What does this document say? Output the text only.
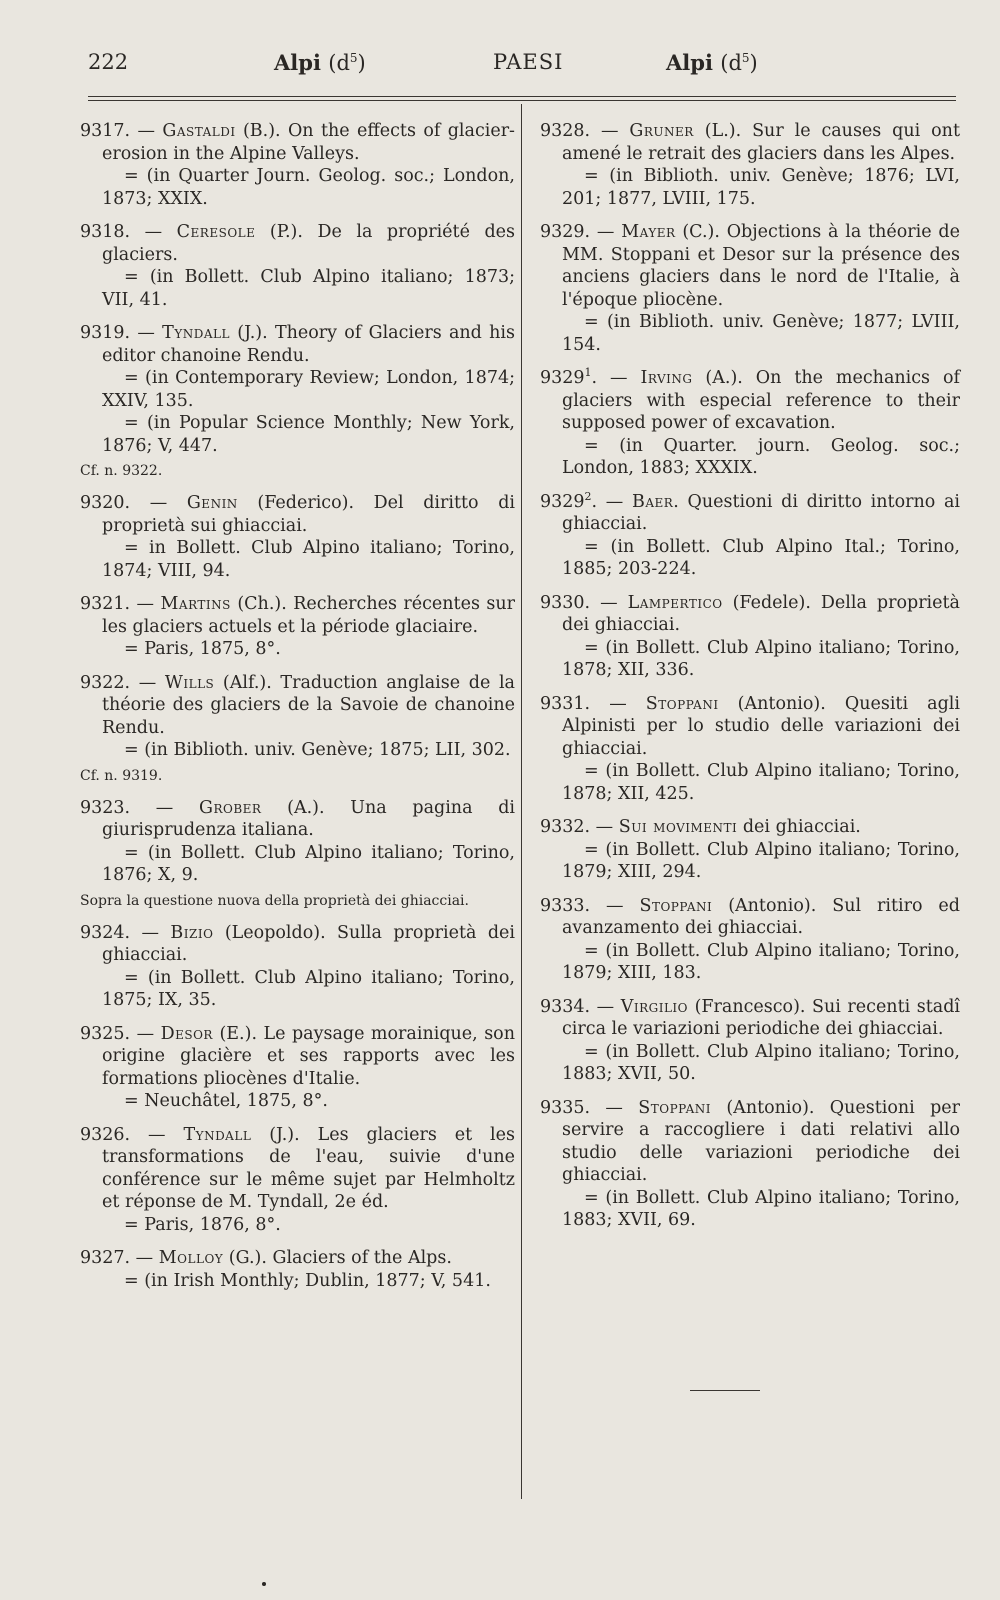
222	Alpi $(d^5)$	PAESI	Alpi $(d^5)$

9317. — Gastaldi (B.). On the effects of glacier-erosion in the Alpine Valleys.

= (in Quarter Journ. Geolog. soc.; London, 1873; XXIX.

9318. — Ceresole (P.). De la propriété des glaciers.

= (in Bollett. Club Alpino italiano; 1873; VII, 41.

9319. — Tyndall (J.). Theory of Glaciers and his editor chanoine Rendu.

= (in Contemporary Review; London, 1874; XXIV, 135.

= (in Popular Science Monthly; New York, 1876; V, 447.

Cf. n. 9322.

9320. — Genin (Federico). Del diritto di proprietà sui ghiacciai.

= in Bollett. Club Alpino italiano; Torino, 1874; VIII, 94.

9321. — Martins (Ch.). Recherches récentes sur les glaciers actuels et la période glaciaire.

= Paris, 1875, 8°.

9322. — Wills (Alf.). Traduction anglaise de la théorie des glaciers de la Savoie de chanoine Rendu.

= (in Biblioth. univ. Genève; 1875; LII, 302.

Cf. n. 9319.

9323. — Grober (A.). Una pagina di giurisprudenza italiana.

= (in Bollett. Club Alpino italiano; Torino, 1876; X, 9.

Sopra la questione nuova della proprietà dei ghiacciai.

9324. — Bizio (Leopoldo). Sulla proprietà dei ghiacciai.

= (in Bollett. Club Alpino italiano; Torino, 1875; IX, 35.

9325. — Desor (E.). Le paysage morainique, son origine glacière et ses rapports avec les formations pliocènes d'Italie.

= Neuchâtel, 1875, 8°.

9326. — Tyndall (J.). Les glaciers et les transformations de l'eau, suivie d'une conférence sur le même sujet par Helmholtz et réponse de M. Tyndall, 2e éd.

= Paris, 1876, 8°.

9327. — Molloy (G.). Glaciers of the Alps.

= (in Irish Monthly; Dublin, 1877; V, 541.

9328. — Gruner (L.). Sur le causes qui ont amené le retrait des glaciers dans les Alpes.

= (in Biblioth. univ. Genève; 1876; LVI, 201; 1877, LVIII, 175.

9329. — Mayer (C.). Objections à la théorie de MM. Stoppani et Desor sur la présence des anciens glaciers dans le nord de l'Italie, à l'époque pliocène.

= (in Biblioth. univ. Genève; 1877; LVIII, 154.

9329$^1$. — Irving (A.). On the mechanics of glaciers with especial reference to their supposed power of excavation.

= (in Quarter. journ. Geolog. soc.; London, 1883; XXXIX.

9329$^2$. — Baer. Questioni di diritto intorno ai ghiacciai.

= (in Bollett. Club Alpino Ital.; Torino, 1885; 203-224.

9330. — Lampertico (Fedele). Della proprietà dei ghiacciai.

= (in Bollett. Club Alpino italiano; Torino, 1878; XII, 336.

9331. — Stoppani (Antonio). Quesiti agli Alpinisti per lo studio delle variazioni dei ghiacciai.

= (in Bollett. Club Alpino italiano; Torino, 1878; XII, 425.

9332. — Sui movimenti dei ghiacciai.

= (in Bollett. Club Alpino italiano; Torino, 1879; XIII, 294.

9333. — Stoppani (Antonio). Sul ritiro ed avanzamento dei ghiacciai.

= (in Bollett. Club Alpino italiano; Torino, 1879; XIII, 183.

9334. — Virgilio (Francesco). Sui recenti stadî circa le variazioni periodiche dei ghiacciai.

= (in Bollett. Club Alpino italiano; Torino, 1883; XVII, 50.

9335. — Stoppani (Antonio). Questioni per servire a raccogliere i dati relativi allo studio delle variazioni periodiche dei ghiacciai.

= (in Bollett. Club Alpino italiano; Torino, 1883; XVII, 69.
